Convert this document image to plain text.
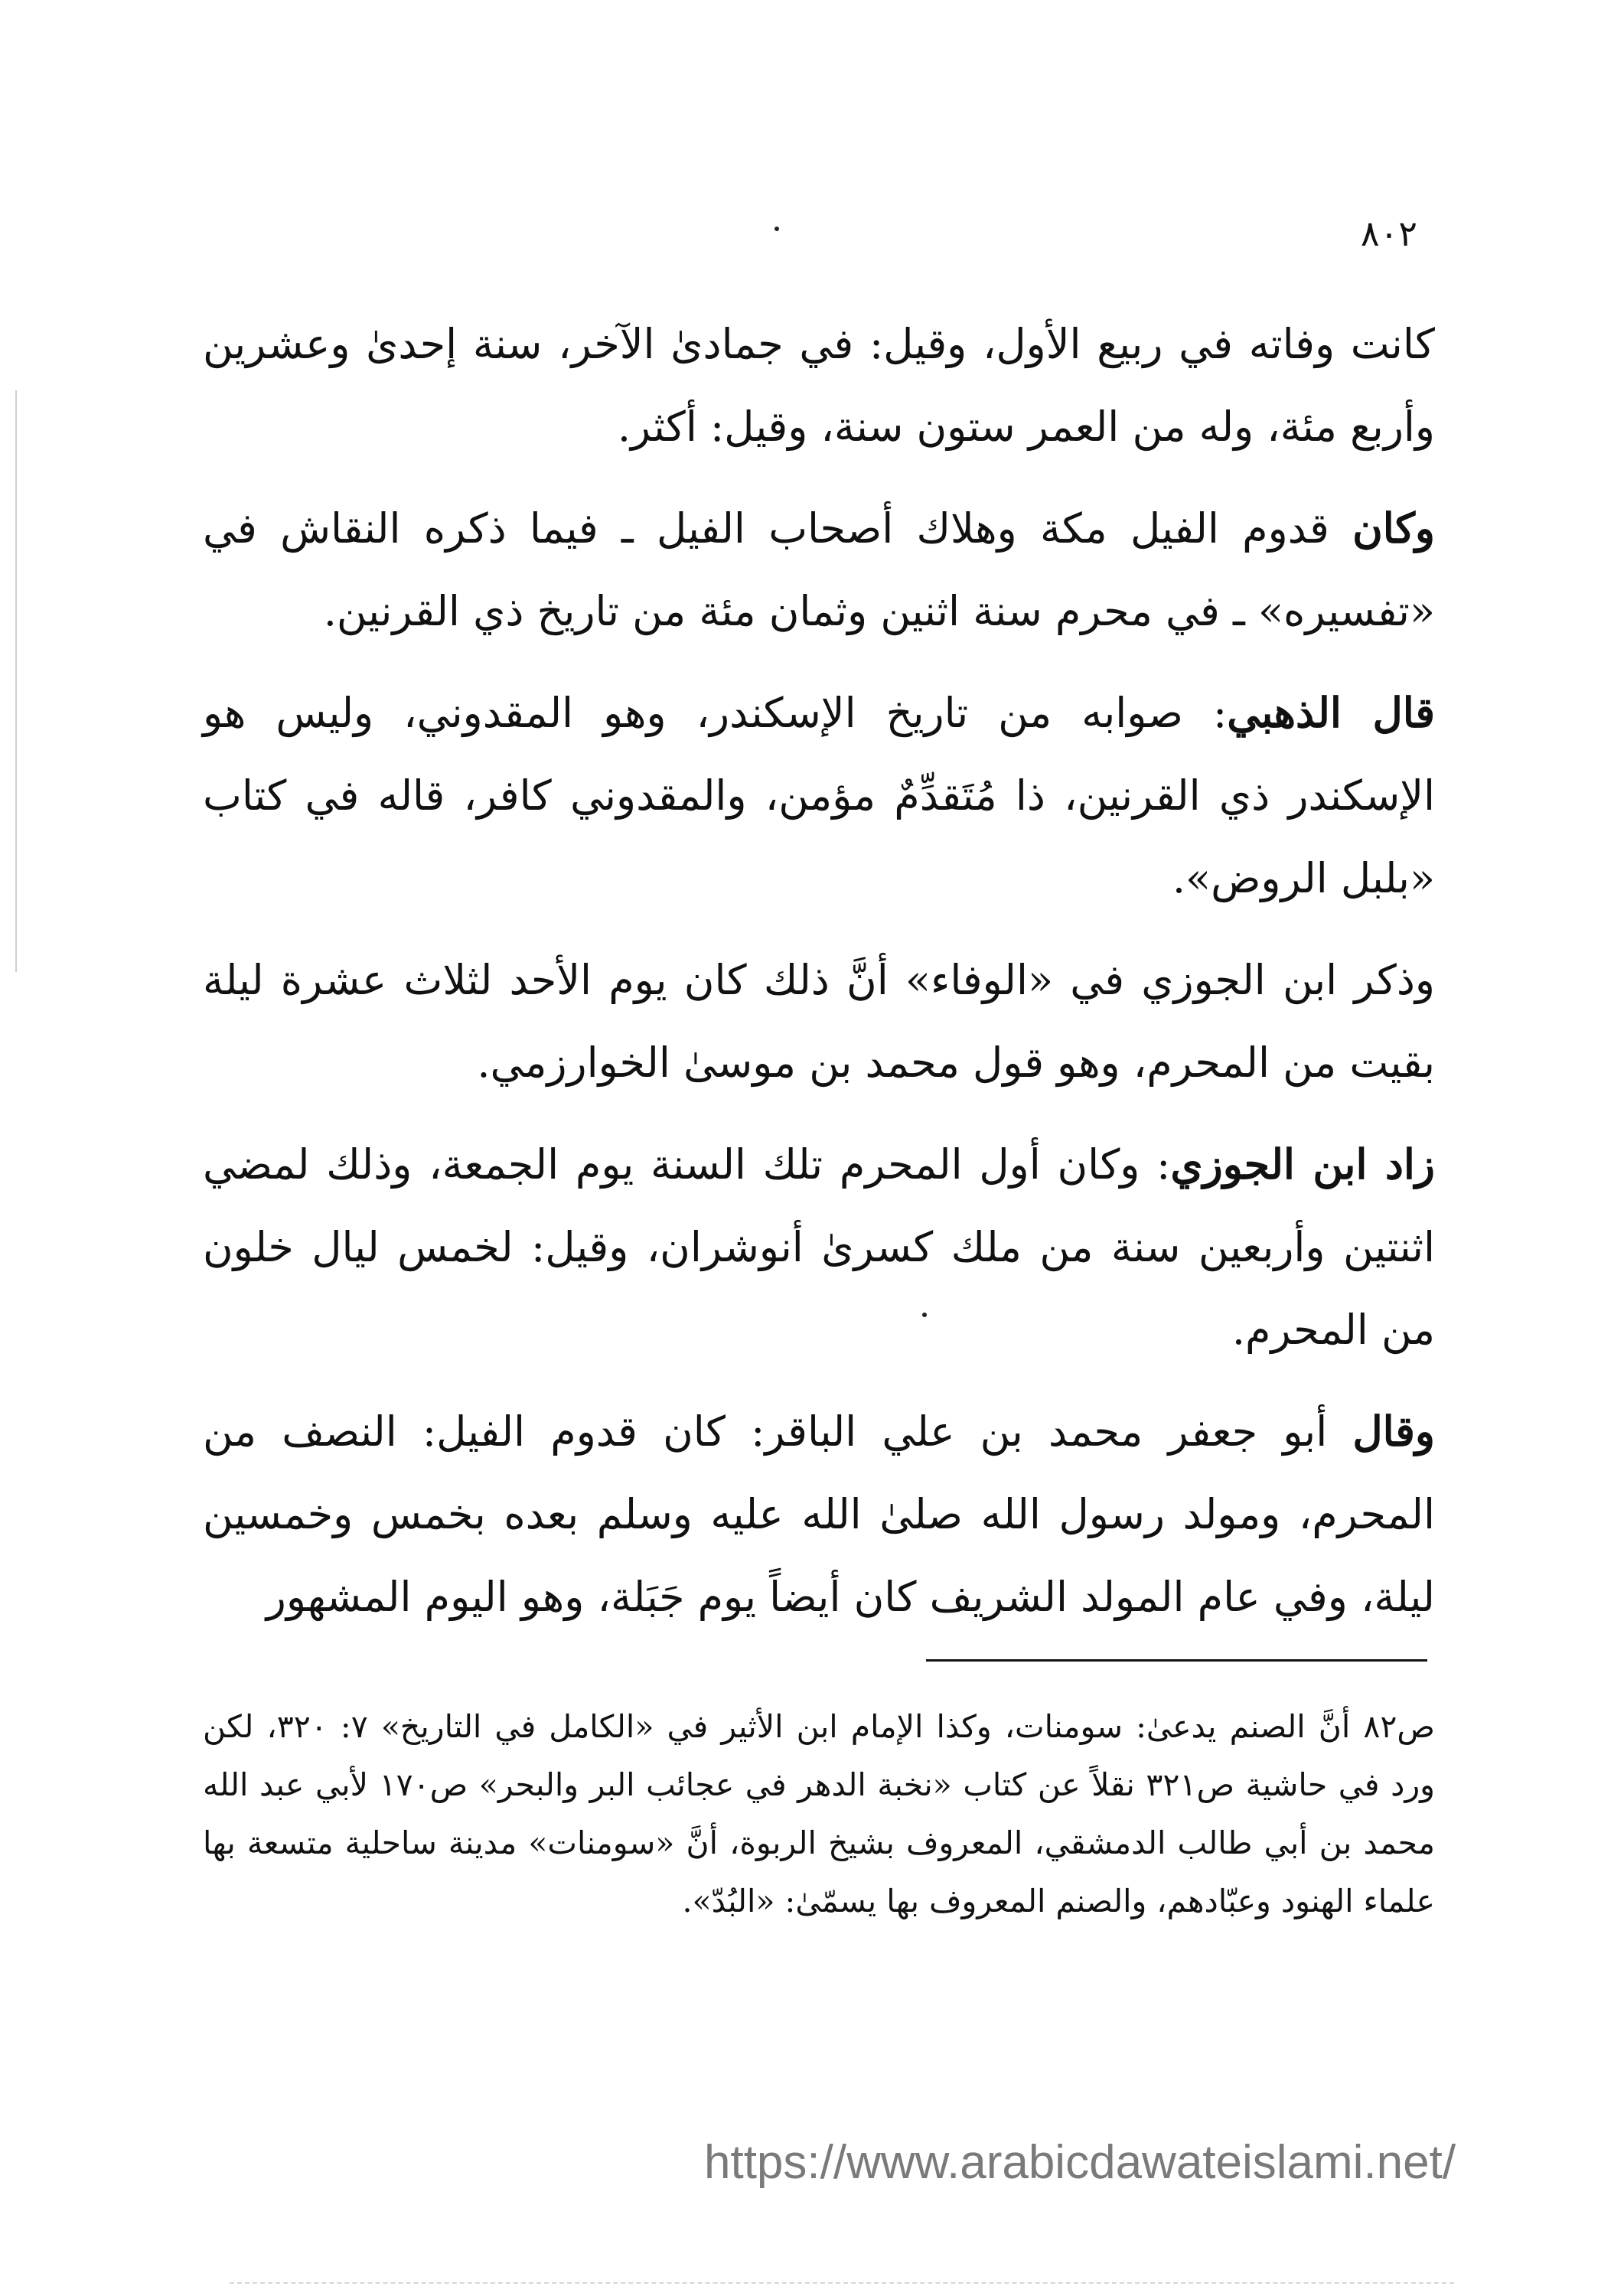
٨٠٢

كانت وفاته في ربيع الأول، وقيل: في جمادىٰ الآخر، سنة إحدىٰ وعشرين وأربع مئة، وله من العمر ستون سنة، وقيل: أكثر.

وكان قدوم الفيل مكة وهلاك أصحاب الفيل ـ فيما ذكره النقاش في «تفسيره» ـ في محرم سنة اثنين وثمان مئة من تاريخ ذي القرنين.

قال الذهبي: صوابه من تاريخ الإسكندر، وهو المقدوني، وليس هو الإسكندر ذي القرنين، ذا مُتَقدِّمٌ مؤمن، والمقدوني كافر، قاله في كتاب «بلبل الروض».

وذكر ابن الجوزي في «الوفاء» أنَّ ذلك كان يوم الأحد لثلاث عشرة ليلة بقيت من المحرم، وهو قول محمد بن موسىٰ الخوارزمي.

زاد ابن الجوزي: وكان أول المحرم تلك السنة يوم الجمعة، وذلك لمضي اثنتين وأربعين سنة من ملك كسرىٰ أنوشران، وقيل: لخمس ليال خلون من المحرم.

وقال أبو جعفر محمد بن علي الباقر: كان قدوم الفيل: النصف من المحرم، ومولد رسول الله صلىٰ الله عليه وسلم بعده بخمس وخمسين ليلة، وفي عام المولد الشريف كان أيضاً يوم جَبَلة، وهو اليوم المشهور

ص٨٢ أنَّ الصنم يدعىٰ: سومنات، وكذا الإمام ابن الأثير في «الكامل في التاريخ» ٧: ٣٢٠، لكن ورد في حاشية ص٣٢١ نقلاً عن كتاب «نخبة الدهر في عجائب البر والبحر» ص١٧٠ لأبي عبد الله محمد بن أبي طالب الدمشقي، المعروف بشيخ الربوة، أنَّ «سومنات» مدينة ساحلية متسعة بها علماء الهنود وعبّادهم، والصنم المعروف بها يسمّىٰ: «البُدّ».

https://www.arabicdawateislami.net/
